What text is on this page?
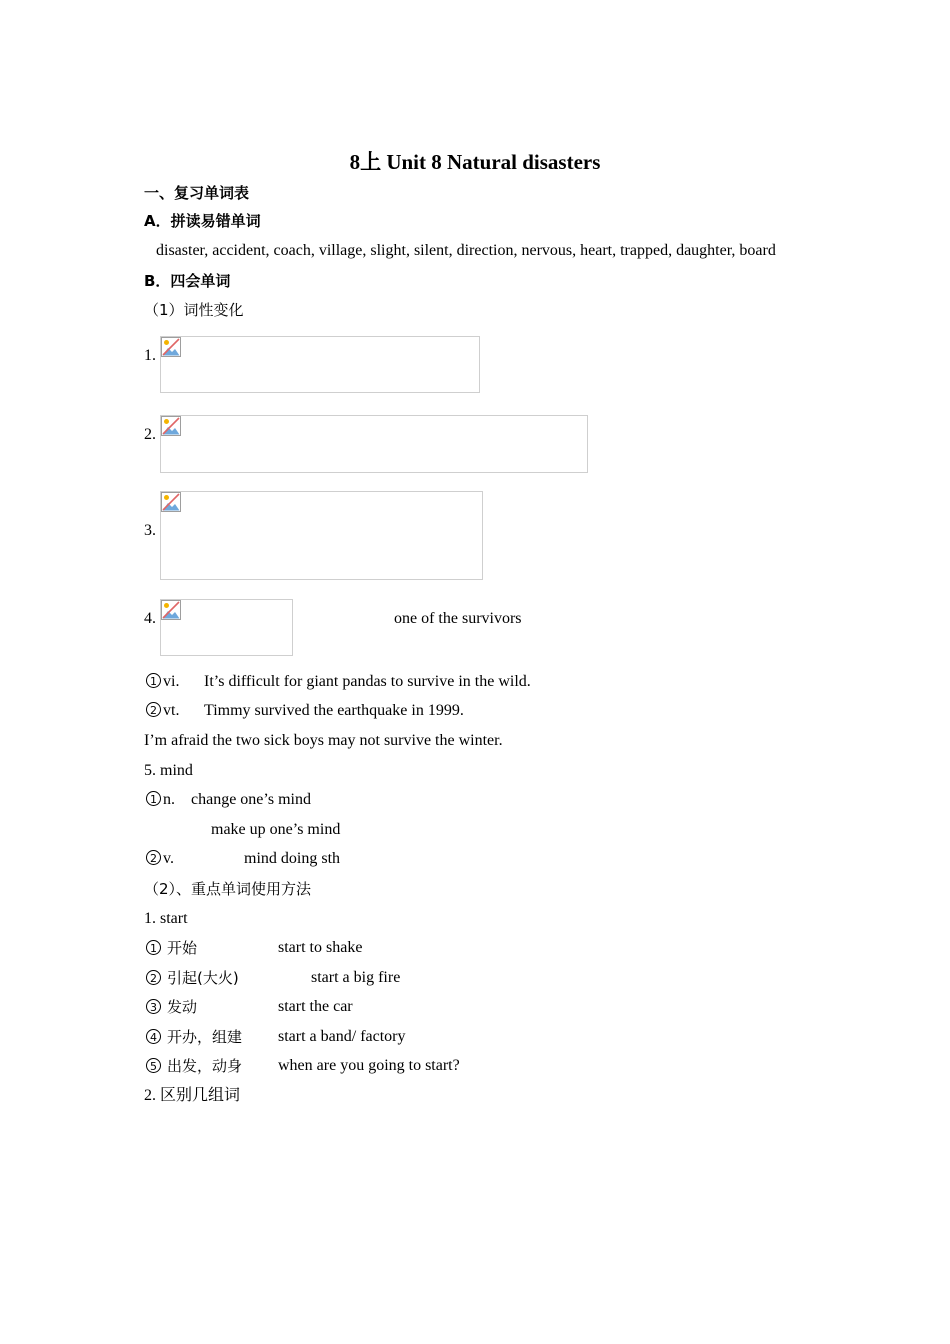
8上 Unit 8 Natural disasters
一、复习单词表
A．拼读易错单词
disaster, accident, coach, village, slight, silent, direction, nervous, heart, trapped, daughter, board
B．四会单词
（1）词性变化
1.
2.
3.
4.	one of the survivors
1 vi. It’s difficult for giant pandas to survive in the wild.
2 vt. Timmy survived the earthquake in 1999.
I’m afraid the two sick boys may not survive the winter.
5. mind
1 n. change one’s mind
make up one’s mind
2 v.	mind doing sth
（2）、重点单词使用方法
1. start
1 开始	start to shake
2 引起(大火)	start a big fire
3 发动	start the car
4 开办，组建 start a band/ factory
5 出发，动身 when are you going to start?
2. 区别几组词
